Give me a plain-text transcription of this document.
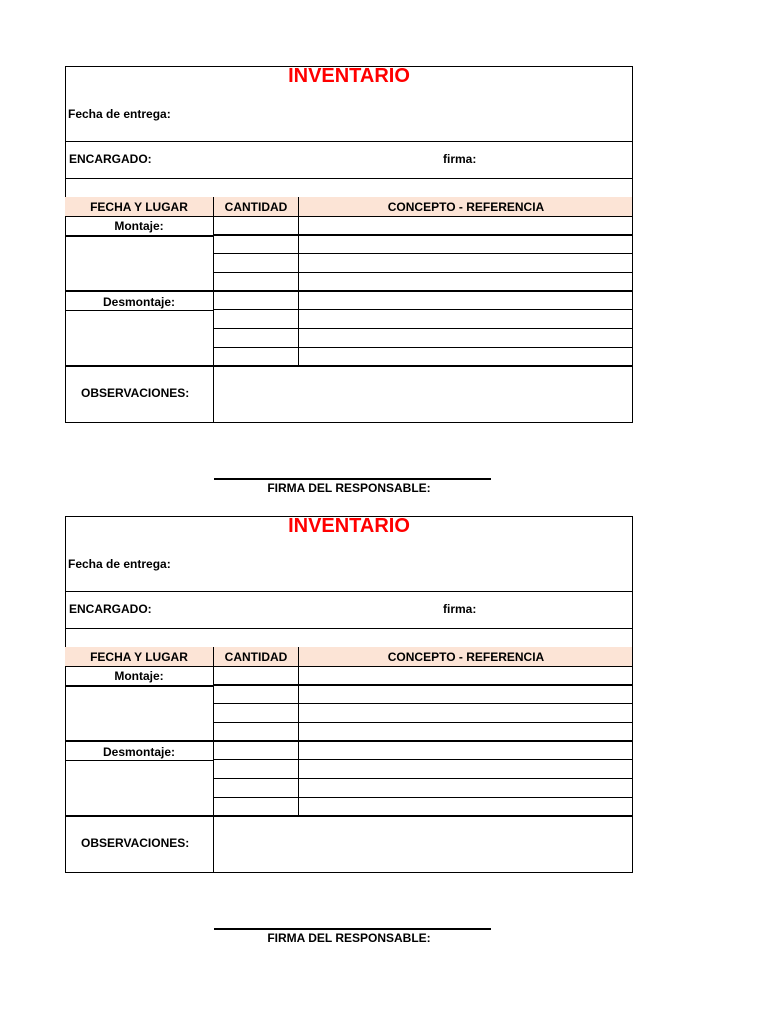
INVENTARIO
Fecha de entrega:
ENCARGADO:	firma:
FECHA Y LUGAR	CANTIDAD	CONCEPTO - REFERENCIA
Montaje:
Desmontaje:
OBSERVACIONES:
FIRMA DEL RESPONSABLE:
INVENTARIO
Fecha de entrega:
ENCARGADO:	firma:
FECHA Y LUGAR	CANTIDAD	CONCEPTO - REFERENCIA
Montaje:
Desmontaje:
OBSERVACIONES:
FIRMA DEL RESPONSABLE:
